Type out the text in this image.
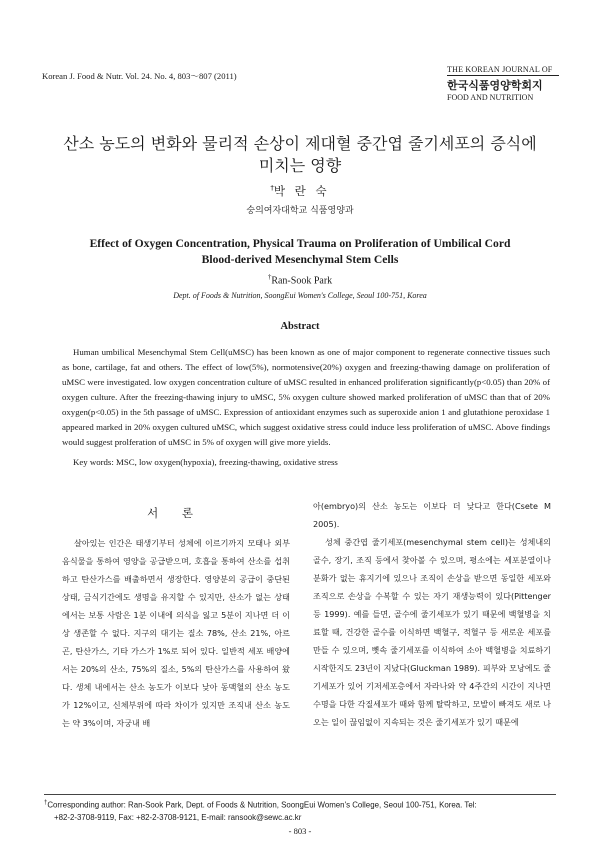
Korean J. Food & Nutr. Vol. 24. No. 4, 803～807 (2011)
THE KOREAN JOURNAL OF
한국식품영양학회지
FOOD AND NUTRITION
산소 농도의 변화와 물리적 손상이 제대혈 중간엽 줄기세포의 증식에
미치는 영향
†박 란 숙
숭의여자대학교 식품영양과
Effect of Oxygen Concentration, Physical Trauma on Proliferation of Umbilical Cord
Blood-derived Mesenchymal Stem Cells
†Ran-Sook Park
Dept. of Foods & Nutrition, SoongEui Women's College, Seoul 100-751, Korea
Abstract
Human umbilical Mesenchymal Stem Cell(uMSC) has been known as one of major component to regenerate connective tissues such as bone, cartilage, fat and others. The effect of low(5%), normotensive(20%) oxygen and freezing-thawing damage on proliferation of uMSC were investigated. low oxygen concentration culture of uMSC resulted in enhanced proliferation significantly(p<0.05) than 20% of oxygen culture. After the freezing-thawing injury to uMSC, 5% oxygen culture showed marked proliferation of uMSC than that of 20% oxygen(p<0.05) in the 5th passage of uMSC. Expression of antioxidant enzymes such as superoxide anion 1 and glutathione peroxidase 1 appeared marked in 20% oxygen cultured uMSC, which suggest oxidative stress could induce less proliferation of uMSC. Above findings would suggest prolferation of uMSC in 5% of oxygen will give more yields.
Key words: MSC, low oxygen(hypoxia), freezing-thawing, oxidative stress
서 론
살아있는 인간은 태생기부터 성체에 이르기까지 모태나 외부 음식물을 통하여 영양을 공급받으며, 호흡을 통하여 산소를 섭취하고 탄산가스를 배출하면서 생장한다. 영양분의 공급이 중단된 상태, 금식기간에도 생명을 유지할 수 있지만, 산소가 없는 상태에서는 보통 사람은 1분 이내에 의식을 잃고 5분이 지나면 더 이상 생존할 수 없다. 지구의 대기는 질소 78%, 산소 21%, 아르곤, 탄산가스, 기타 가스가 1%로 되어 있다. 일반적 세포 배양에서는 20%의 산소, 75%의 질소, 5%의 탄산가스를 사용하여 왔다. 생체 내에서는 산소 농도가 이보다 낮아 동맥혈의 산소 농도가 12%이고, 신체부위에 따라 차이가 있지만 조직내 산소 농도는 약 3%이며, 자궁내 배
아(embryo)의 산소 농도는 이보다 더 낮다고 한다(Csete M 2005).
성체 중간엽 줄기세포(mesenchymal stem cell)는 성체내의 골수, 장기, 조직 등에서 찾아볼 수 있으며, 평소에는 세포분열이나 분화가 없는 휴지기에 있으나 조직이 손상을 받으면 동일한 세포와 조직으로 손상을 수복할 수 있는 자기 재생능력이 있다(Pittenger 등 1999). 예를 들면, 골수에 줄기세포가 있기 때문에 백혈병을 치료할 때, 건강한 골수를 이식하면 백혈구, 적혈구 등 새로운 세포를 만들 수 있으며, 뼛속 줄기세포를 이식하여 소아 백혈병을 치료하기 시작한지도 23년이 지났다(Gluckman 1989). 피부와 모낭에도 줄기세포가 있어 기저세포층에서 자라나와 약 4주간의 시간이 지나면 수명을 다한 각질세포가 때와 함께 탈락하고, 모발이 빠져도 새로 나오는 일이 끊임없이 지속되는 것은 줄기세포가 있기 때문에
†Corresponding author: Ran-Sook Park, Dept. of Foods & Nutrition, SoongEui Women's College, Seoul 100-751, Korea. Tel:
+82-2-3708-9119, Fax: +82-2-3708-9121, E-mail: ransook@sewc.ac.kr
- 803 -
